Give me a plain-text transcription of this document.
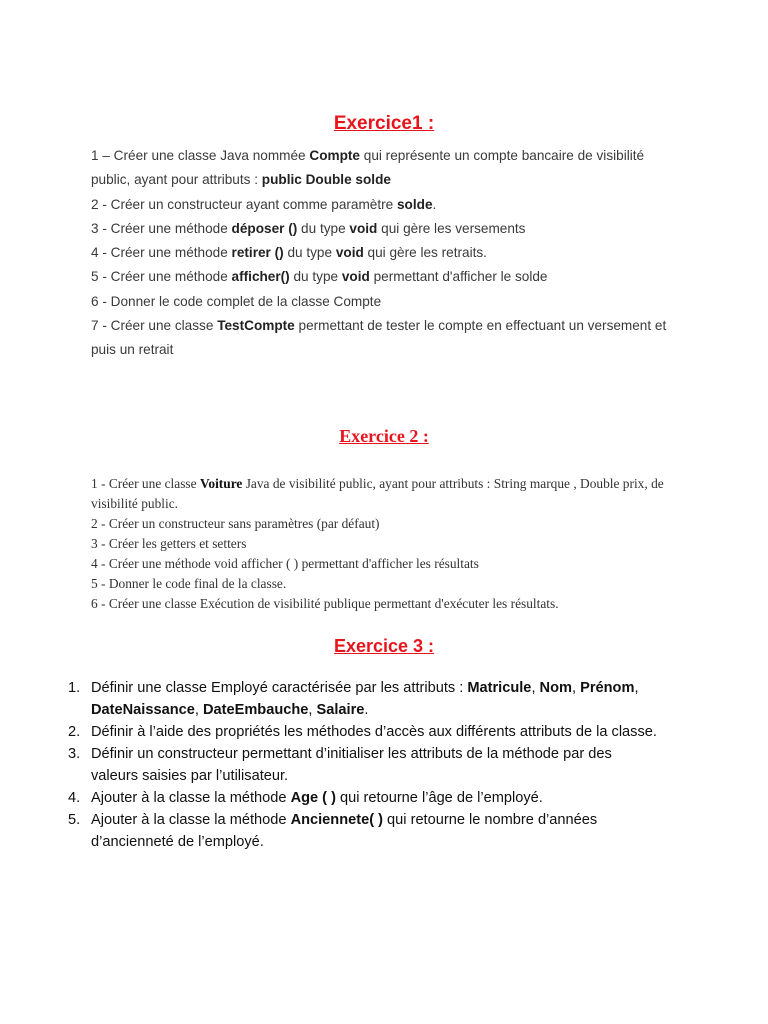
Exercice1 :

1 – Créer une classe Java nommée Compte qui représente un compte bancaire de visibilité public, ayant pour attributs : public Double solde

2 - Créer un constructeur ayant comme paramètre solde.

3 - Créer une méthode déposer () du type void qui gère les versements

4 - Créer une méthode retirer () du type void qui gère les retraits.

5 - Créer une méthode afficher() du type void permettant d'afficher le solde

6 - Donner le code complet de la classe Compte

7 - Créer une classe TestCompte permettant de tester le compte en effectuant un versement et puis un retrait

Exercice 2 :

1 - Créer une classe Voiture Java de visibilité public, ayant pour attributs : String marque , Double prix, de visibilité public.

2 - Créer un constructeur sans paramètres (par défaut)

3 - Créer les getters et setters

4 - Créer une méthode void afficher ( ) permettant d'afficher les résultats

5 - Donner le code final de la classe.

6 - Créer une classe Exécution de visibilité publique permettant d'exécuter les résultats.

Exercice 3 :
1. Définir une classe Employé caractérisée par les attributs : Matricule, Nom, Prénom, DateNaissance, DateEmbauche, Salaire.
2. Définir à l’aide des propriétés les méthodes d’accès aux différents attributs de la classe.
3. Définir un constructeur permettant d’initialiser les attributs de la méthode par des valeurs saisies par l’utilisateur.
4. Ajouter à la classe la méthode Age ( ) qui retourne l’âge de l’employé.
5. Ajouter à la classe la méthode Anciennete( ) qui retourne le nombre d’années d’ancienneté de l’employé.
